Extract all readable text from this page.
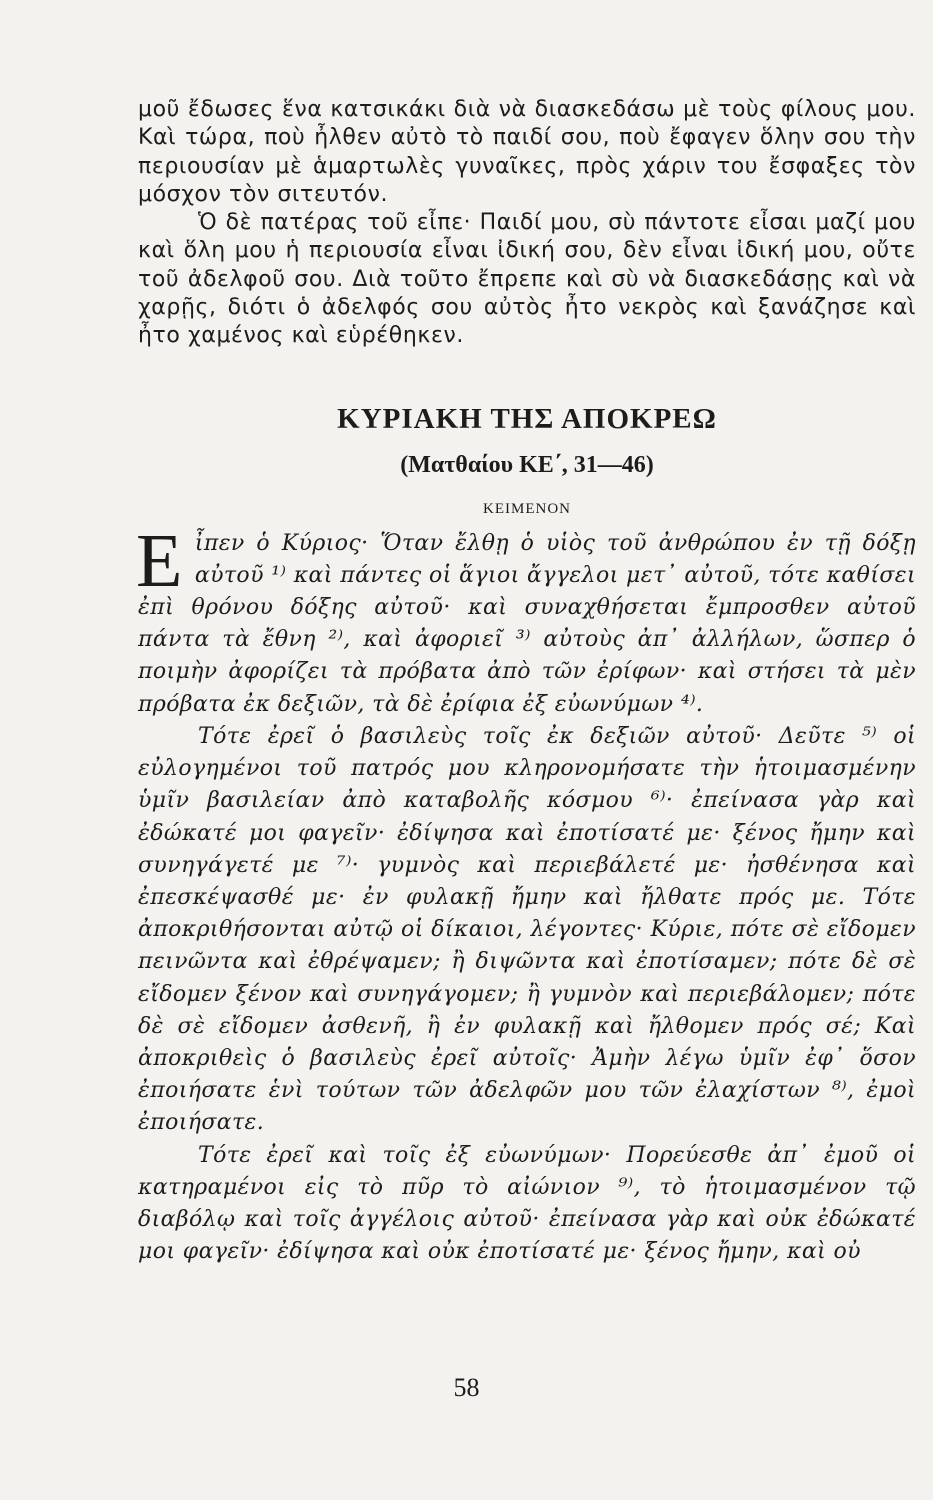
μοῦ ἔδωσες ἕνα κατσικάκι διὰ νὰ διασκεδάσω μὲ τοὺς φίλους μου. Καὶ τώρα, ποὺ ἦλθεν αὐτὸ τὸ παιδί σου, ποὺ ἔφαγεν ὅλην σου τὴν περιουσίαν μὲ ἁμαρτωλὲς γυναῖκες, πρὸς χάριν του ἔσφαξες τὸν μόσχον τὸν σιτευτόν.

Ὁ δὲ πατέρας τοῦ εἶπε· Παιδί μου, σὺ πάντοτε εἶσαι μαζί μου καὶ ὅλη μου ἡ περιουσία εἶναι ἰδική σου, δὲν εἶναι ἰδική μου, οὔτε τοῦ ἀδελφοῦ σου. Διὰ τοῦτο ἔπρεπε καὶ σὺ νὰ διασκεδάσῃς καὶ νὰ χαρῇς, διότι ὁ ἀδελφός σου αὐτὸς ἦτο νεκρὸς καὶ ξανάζησε καὶ ἦτο χαμένος καὶ εὑρέθηκεν.

ΚΥΡΙΑΚΗ ΤΗΣ ΑΠΟΚΡΕΩ
(Ματθαίου ΚΕ΄, 31—46)
ΚΕΙΜΕΝΟΝ

Εἶπεν ὁ Κύριος· Ὅταν ἔλθῃ ὁ υἱὸς τοῦ ἀνθρώπου ἐν τῇ δόξῃ αὐτοῦ ¹⁾ καὶ πάντες οἱ ἅγιοι ἄγγελοι μετ᾽ αὐτοῦ, τότε καθίσει ἐπὶ θρόνου δόξης αὐτοῦ· καὶ συναχθήσεται ἔμπροσθεν αὐτοῦ πάντα τὰ ἔθνη ²⁾, καὶ ἀφοριεῖ ³⁾ αὐτοὺς ἀπ᾽ ἀλλήλων, ὥσπερ ὁ ποιμὴν ἀφορίζει τὰ πρόβατα ἀπὸ τῶν ἐρίφων· καὶ στήσει τὰ μὲν πρόβατα ἐκ δεξιῶν, τὰ δὲ ἐρίφια ἐξ εὐωνύμων ⁴⁾.

Τότε ἐρεῖ ὁ βασιλεὺς τοῖς ἐκ δεξιῶν αὐτοῦ· Δεῦτε ⁵⁾ οἱ εὐλογημένοι τοῦ πατρός μου κληρονομήσατε τὴν ἡτοιμασμένην ὑμῖν βασιλείαν ἀπὸ καταβολῆς κόσμου ⁶⁾· ἐπείνασα γὰρ καὶ ἐδώκατέ μοι φαγεῖν· ἐδίψησα καὶ ἐποτίσατέ με· ξένος ἤμην καὶ συνηγάγετέ με ⁷⁾· γυμνὸς καὶ περιεβάλετέ με· ἠσθένησα καὶ ἐπεσκέψασθέ με· ἐν φυλακῇ ἤμην καὶ ἤλθατε πρός με. Τότε ἀποκριθήσονται αὐτῷ οἱ δίκαιοι, λέγοντες· Κύριε, πότε σὲ εἴδομεν πεινῶντα καὶ ἐθρέψαμεν; ἢ διψῶντα καὶ ἐποτίσαμεν; πότε δὲ σὲ εἴδομεν ξένον καὶ συνηγάγομεν; ἢ γυμνὸν καὶ περιεβάλομεν; πότε δὲ σὲ εἴδομεν ἀσθενῆ, ἢ ἐν φυλακῇ καὶ ἤλθομεν πρός σέ; Καὶ ἀποκριθεὶς ὁ βασιλεὺς ἐρεῖ αὐτοῖς· Ἀμὴν λέγω ὑμῖν ἐφ᾽ ὅσον ἐποιήσατε ἑνὶ τούτων τῶν ἀδελφῶν μου τῶν ἐλαχίστων ⁸⁾, ἐμοὶ ἐποιήσατε.

Τότε ἐρεῖ καὶ τοῖς ἐξ εὐωνύμων· Πορεύεσθε ἀπ᾽ ἐμοῦ οἱ κατηραμένοι εἰς τὸ πῦρ τὸ αἰώνιον ⁹⁾, τὸ ἡτοιμασμένον τῷ διαβόλῳ καὶ τοῖς ἀγγέλοις αὐτοῦ· ἐπείνασα γὰρ καὶ οὐκ ἐδώκατέ μοι φαγεῖν· ἐδίψησα καὶ οὐκ ἐποτίσατέ με· ξένος ἤμην, καὶ οὐ

58
